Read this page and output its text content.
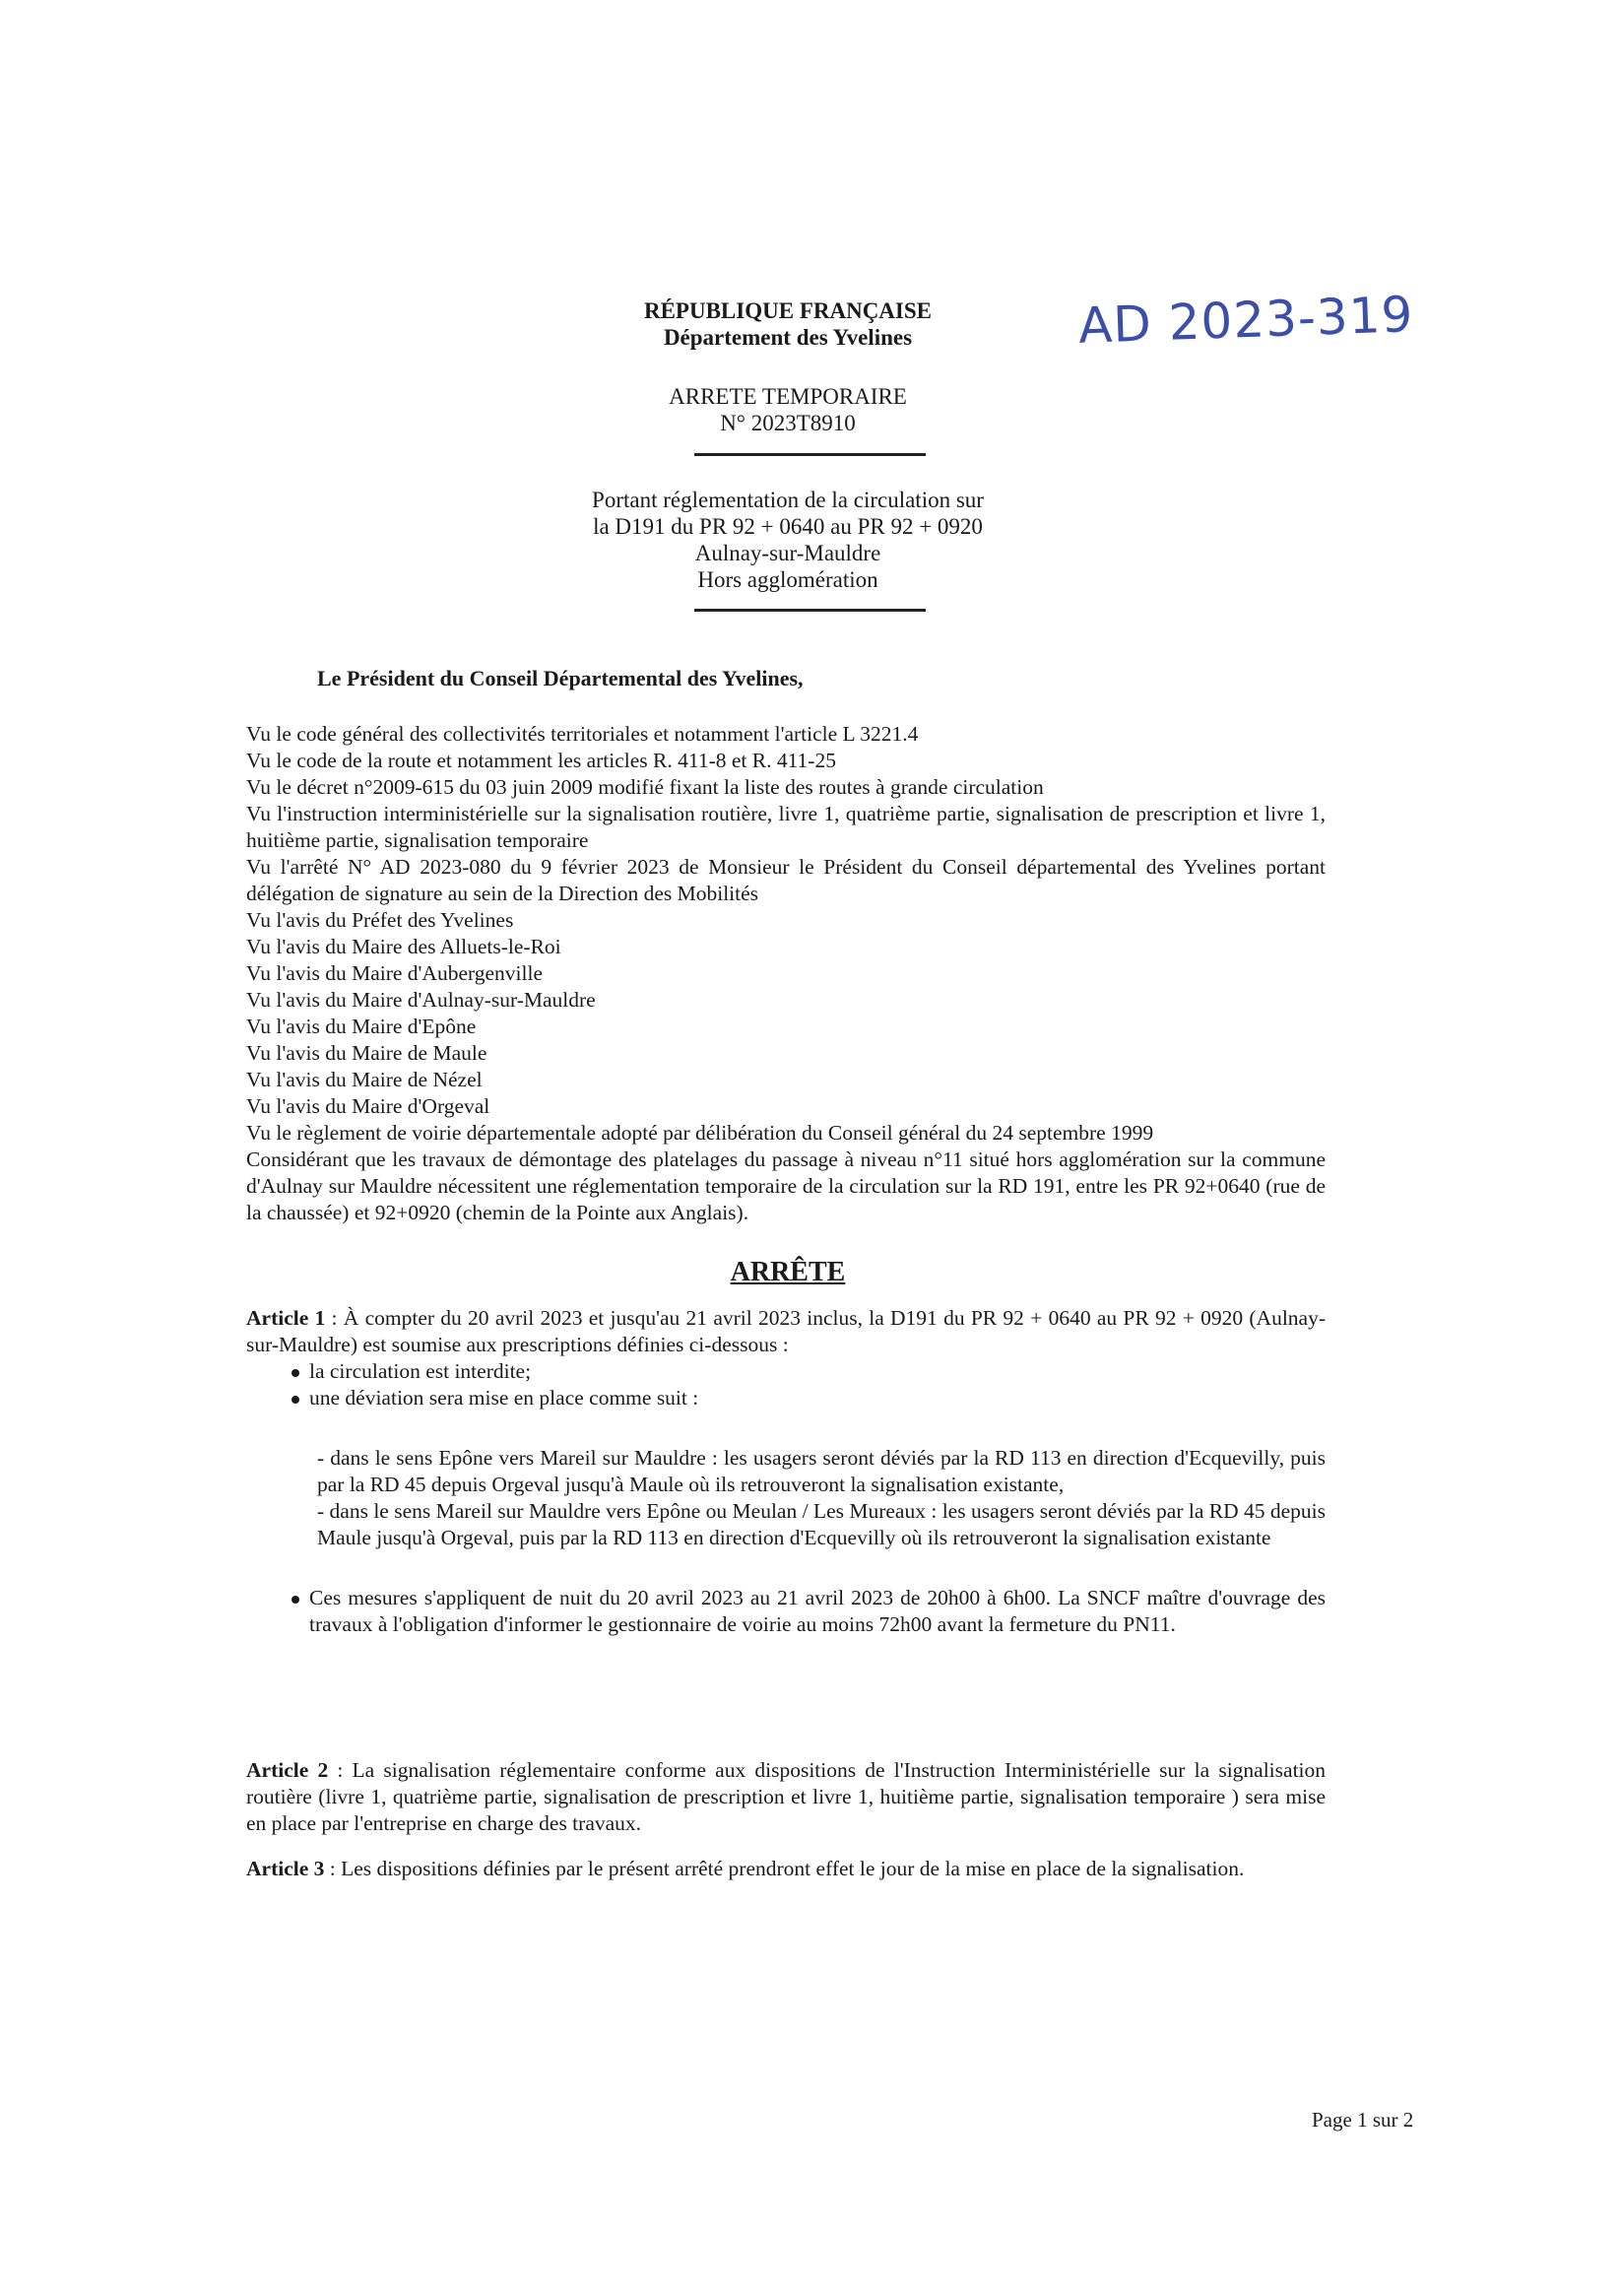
RÉPUBLIQUE FRANÇAISE
Département des Yvelines	AD 2023-319
ARRETE TEMPORAIRE
N° 2023T8910
Portant réglementation de la circulation sur
la D191 du PR 92 + 0640 au PR 92 + 0920
Aulnay-sur-Mauldre
Hors agglomération
Le Président du Conseil Départemental des Yvelines,

Vu le code général des collectivités territoriales et notamment l'article L 3221.4

Vu le code de la route et notamment les articles R. 411-8 et R. 411-25

Vu le décret n°2009-615 du 03 juin 2009 modifié fixant la liste des routes à grande circulation

Vu l'instruction interministérielle sur la signalisation routière, livre 1, quatrième partie, signalisation de prescription et livre 1, huitième partie, signalisation temporaire

Vu l'arrêté N° AD 2023-080 du 9 février 2023 de Monsieur le Président du Conseil départemental des Yvelines portant délégation de signature au sein de la Direction des Mobilités

Vu l'avis du Préfet des Yvelines

Vu l'avis du Maire des Alluets-le-Roi

Vu l'avis du Maire d'Aubergenville

Vu l'avis du Maire d'Aulnay-sur-Mauldre

Vu l'avis du Maire d'Epône

Vu l'avis du Maire de Maule

Vu l'avis du Maire de Nézel

Vu l'avis du Maire d'Orgeval

Vu le règlement de voirie départementale adopté par délibération du Conseil général du 24 septembre 1999

Considérant que les travaux de démontage des platelages du passage à niveau n°11 situé hors agglomération sur la commune d'Aulnay sur Mauldre nécessitent une réglementation temporaire de la circulation sur la RD 191, entre les PR 92+0640 (rue de la chaussée) et 92+0920 (chemin de la Pointe aux Anglais).

ARRÊTE

Article 1 : À compter du 20 avril 2023 et jusqu'au 21 avril 2023 inclus, la D191 du PR 92 + 0640 au PR 92 + 0920 (Aulnay-sur-Mauldre) est soumise aux prescriptions définies ci-dessous :

la circulation est interdite;
une déviation sera mise en place comme suit :

- dans le sens Epône vers Mareil sur Mauldre : les usagers seront déviés par la RD 113 en direction d'Ecquevilly, puis par la RD 45 depuis Orgeval jusqu'à Maule où ils retrouveront la signalisation existante,

- dans le sens Mareil sur Mauldre vers Epône ou Meulan / Les Mureaux : les usagers seront déviés par la RD 45 depuis Maule jusqu'à Orgeval, puis par la RD 113 en direction d'Ecquevilly où ils retrouveront la signalisation existante

Ces mesures s'appliquent de nuit du 20 avril 2023 au 21 avril 2023 de 20h00 à 6h00. La SNCF maître d'ouvrage des travaux à l'obligation d'informer le gestionnaire de voirie au moins 72h00 avant la fermeture du PN11.

Article 2 : La signalisation réglementaire conforme aux dispositions de l'Instruction Interministérielle sur la signalisation routière (livre 1, quatrième partie, signalisation de prescription et livre 1, huitième partie, signalisation temporaire ) sera mise en place par l'entreprise en charge des travaux.

Article 3 : Les dispositions définies par le présent arrêté prendront effet le jour de la mise en place de la signalisation.

Page 1 sur 2
